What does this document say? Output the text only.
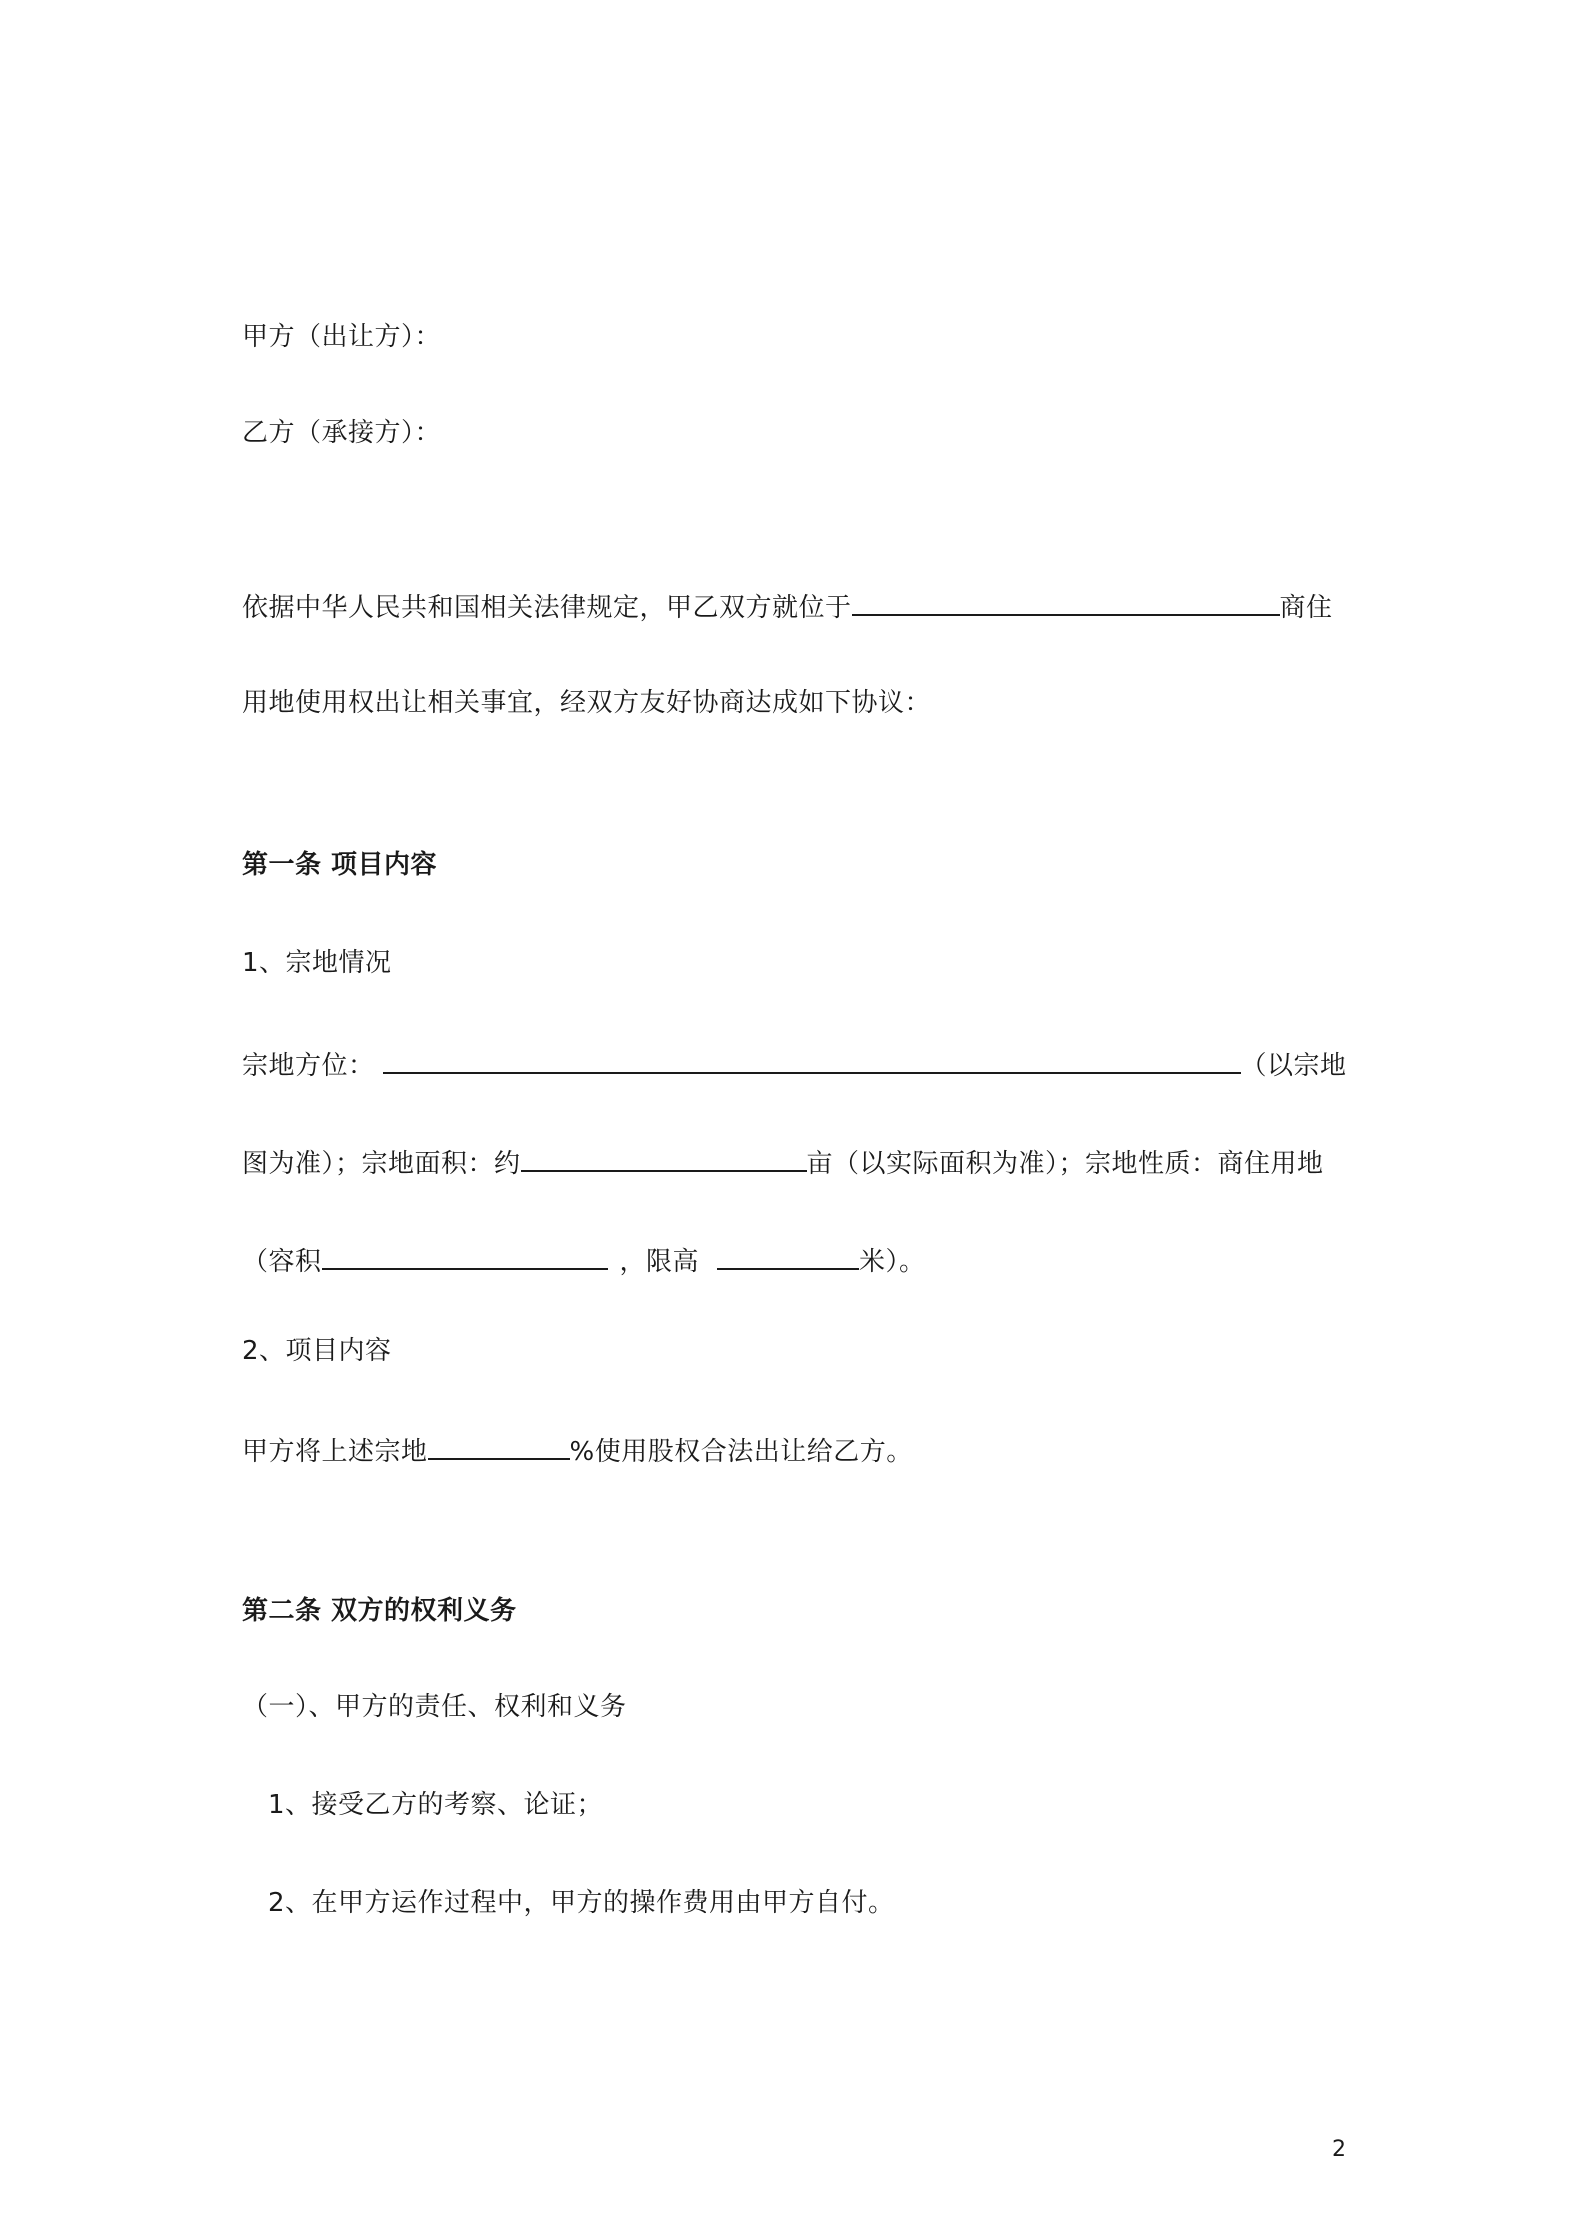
甲方（出让方）：
乙方（承接方）：
依据中华人民共和国相关法律规定，甲乙双方就位于	商住
用地使用权出让相关事宜，经双方友好协商达成如下协议：
第一条 项目内容
1、宗地情况
宗地方位：	（以宗地
图为准）；宗地面积：约	亩（以实际面积为准）；宗地性质：商住用地
（容积	，限高	米）。
2、项目内容
甲方将上述宗地	%使用股权合法出让给乙方。
第二条 双方的权利义务
（一）、甲方的责任、权利和义务
1、接受乙方的考察、论证；
2、在甲方运作过程中，甲方的操作费用由甲方自付。
2
